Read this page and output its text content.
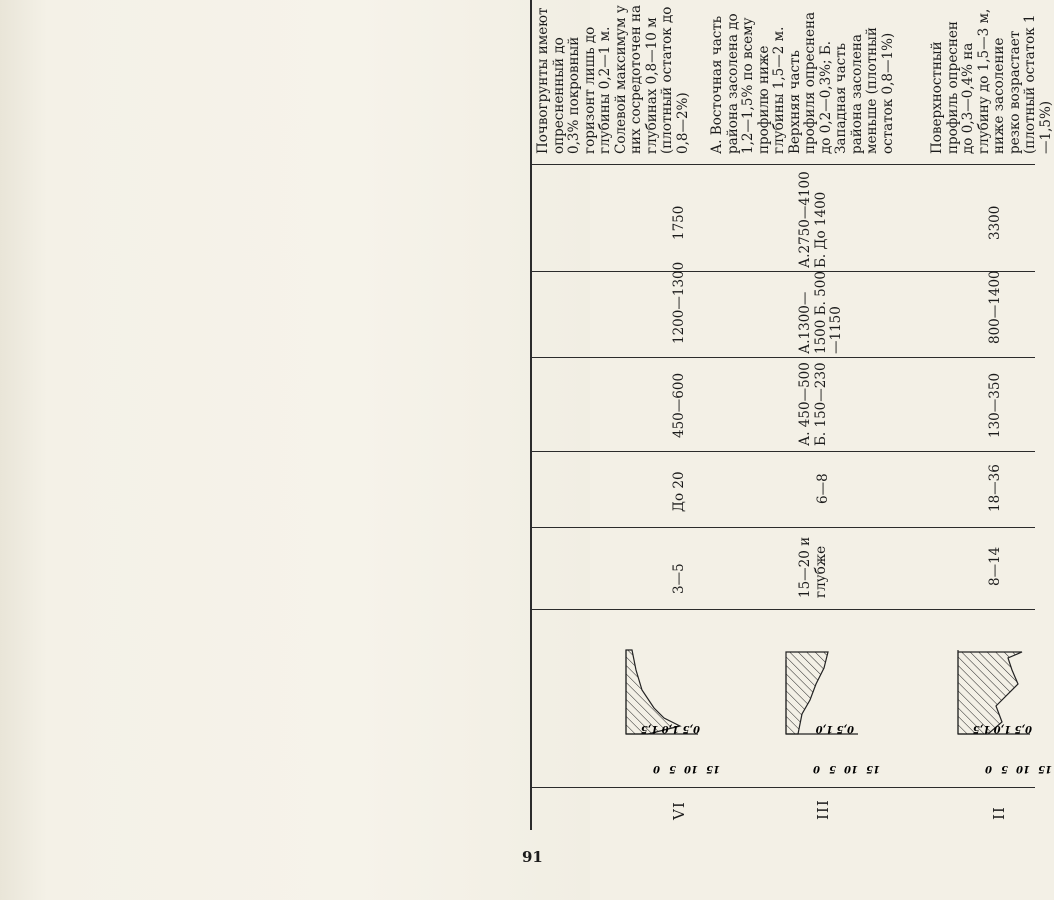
II
0,5 1,0 1,5
0 5 10 15
8—14
18—36
130—350
800—1400
3300
Поверхностный профиль опреснен до 0,3—0,4% на глубину до 1,5—3 м, ниже засоление резко возрастает (плотный остаток 1—1,5%)
III
0,5 1,0
0 5 10 15
15—20 и глубже
6—8
А. 450—500 Б. 150—230
А.1300—1500 Б. 500—1150
А.2750—4100 Б. До 1400
А. Восточная часть района засолена до 1,2—1,5% по всему профилю ниже глубины 1,5—2 м. Верхняя часть профиля опреснена до 0,2—0,3%; Б. Западная часть района засолена меньше (плотный остаток 0,8—1%)
VI
0,5 1,0 1,5
0 5 10 15
3—5
До 20
450—600
1200—1300
1750
Почвогрунты имеют опресненный до 0,3% покровный горизонт лишь до глубины 0,2—1 м. Солевой максимум у них сосредоточен на глубинах 0,8—10 м (плотный остаток до 0,8—2%)
91
